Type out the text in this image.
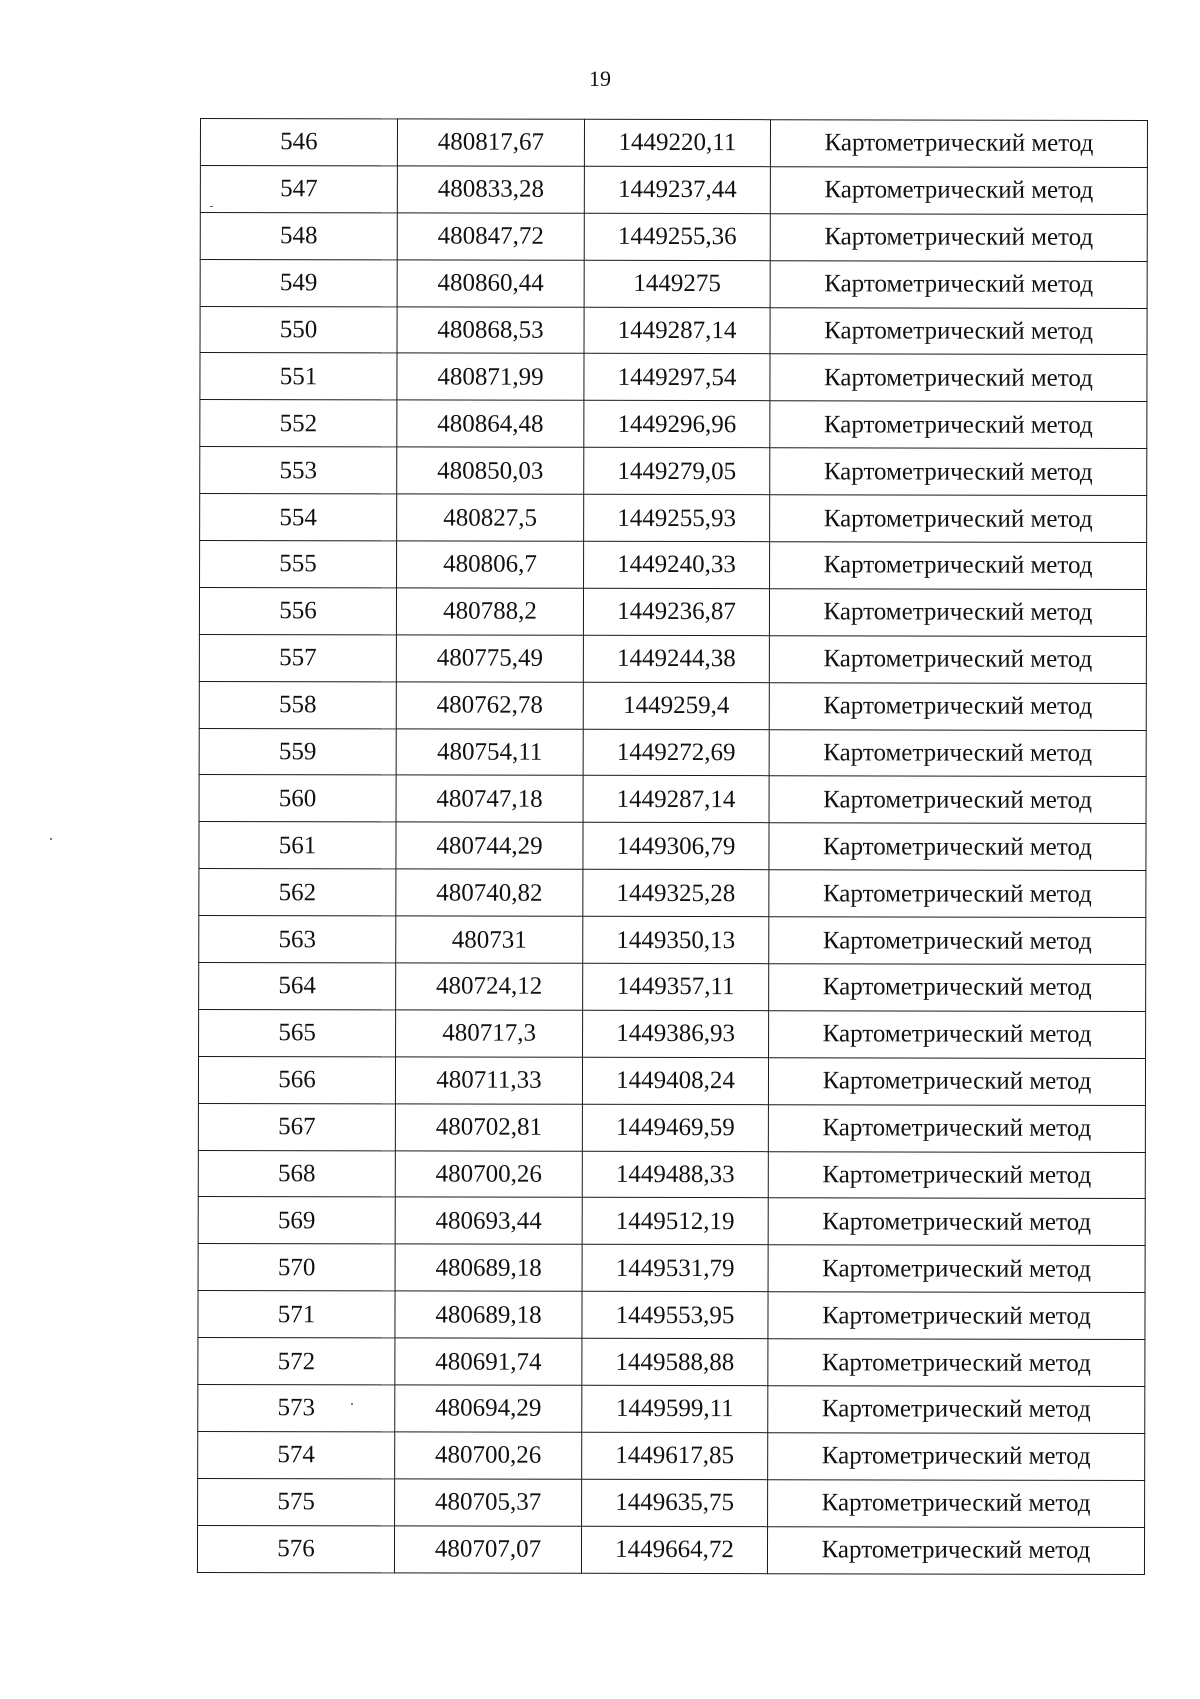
19
546	480817,67	1449220,11	Картометрический метод
547	480833,28	1449237,44	Картометрический метод
548	480847,72	1449255,36	Картометрический метод
549	480860,44	1449275	Картометрический метод
550	480868,53	1449287,14	Картометрический метод
551	480871,99	1449297,54	Картометрический метод
552	480864,48	1449296,96	Картометрический метод
553	480850,03	1449279,05	Картометрический метод
554	480827,5	1449255,93	Картометрический метод
555	480806,7	1449240,33	Картометрический метод
556	480788,2	1449236,87	Картометрический метод
557	480775,49	1449244,38	Картометрический метод
558	480762,78	1449259,4	Картометрический метод
559	480754,11	1449272,69	Картометрический метод
560	480747,18	1449287,14	Картометрический метод
561	480744,29	1449306,79	Картометрический метод
562	480740,82	1449325,28	Картометрический метод
563	480731	1449350,13	Картометрический метод
564	480724,12	1449357,11	Картометрический метод
565	480717,3	1449386,93	Картометрический метод
566	480711,33	1449408,24	Картометрический метод
567	480702,81	1449469,59	Картометрический метод
568	480700,26	1449488,33	Картометрический метод
569	480693,44	1449512,19	Картометрический метод
570	480689,18	1449531,79	Картометрический метод
571	480689,18	1449553,95	Картометрический метод
572	480691,74	1449588,88	Картометрический метод
573	480694,29	1449599,11	Картометрический метод
574	480700,26	1449617,85	Картометрический метод
575	480705,37	1449635,75	Картометрический метод
576	480707,07	1449664,72	Картометрический метод
